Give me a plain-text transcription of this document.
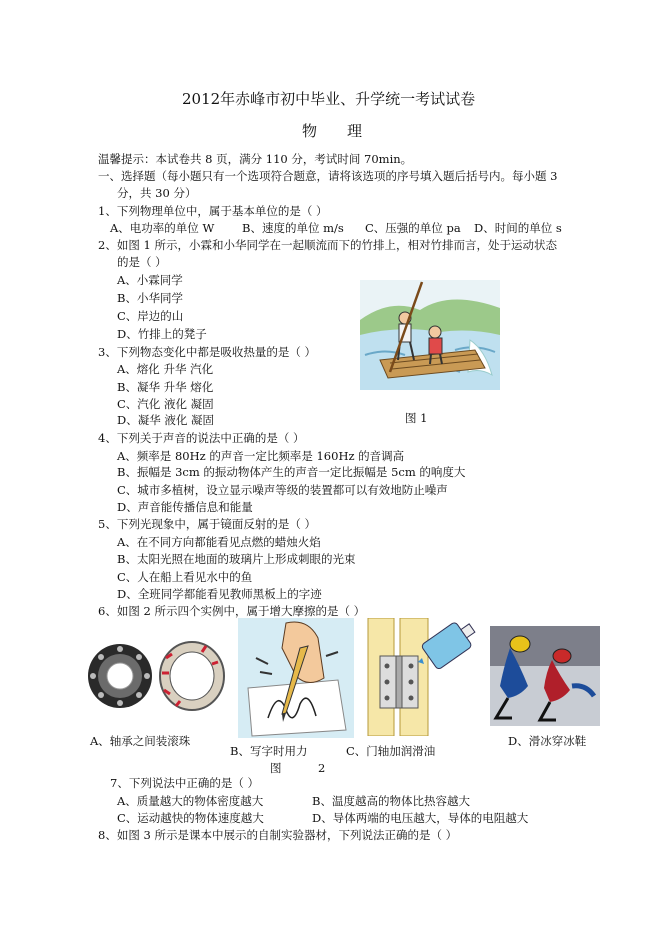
2012年赤峰市初中毕业、升学统一考试试卷
物 理
温馨提示：本试卷共 8 页，满分 110 分，考试时间 70min。
一、选择题（每小题只有一个选项符合题意，请将该选项的序号填入题后括号内。每小题 3
分，共 30 分）
1、下列物理单位中，属于基本单位的是（ ）
A、电功率的单位 W B、速度的单位 m/s C、压强的单位 pa D、时间的单位 s
2、如图 1 所示，小霖和小华同学在一起顺流而下的竹排上，相对竹排而言，处于运动状态
的是（ ）
A、小霖同学
B、小华同学
C、岸边的山
D、竹排上的凳子
图 1
3、下列物态变化中都是吸收热量的是（ ）
A、熔化 升华 汽化
B、凝华 升华 熔化
C、汽化 液化 凝固
D、凝华 液化 凝固
4、下列关于声音的说法中正确的是（ ）
A、频率是 80Hz 的声音一定比频率是 160Hz 的音调高
B、振幅是 3cm 的振动物体产生的声音一定比振幅是 5cm 的响度大
C、城市多植树，设立显示噪声等级的装置都可以有效地防止噪声
D、声音能传播信息和能量
5、下列光现象中，属于镜面反射的是（ ）
A、在不同方向都能看见点燃的蜡烛火焰
B、太阳光照在地面的玻璃片上形成刺眼的光束
C、人在船上看见水中的鱼
D、全班同学都能看见教师黑板上的字迹
6、如图 2 所示四个实例中，属于增大摩擦的是（ ）
A、轴承之间装滚珠
B、写字时用力	C、门轴加润滑油
D、滑冰穿冰鞋
图          2
7、下列说法中正确的是（ ）
A、质量越大的物体密度越大	B、温度越高的物体比热容越大
C、运动越快的物体速度越大	D、导体两端的电压越大，导体的电阻越大
8、如图 3 所示是课本中展示的自制实验器材，下列说法正确的是（ ）
